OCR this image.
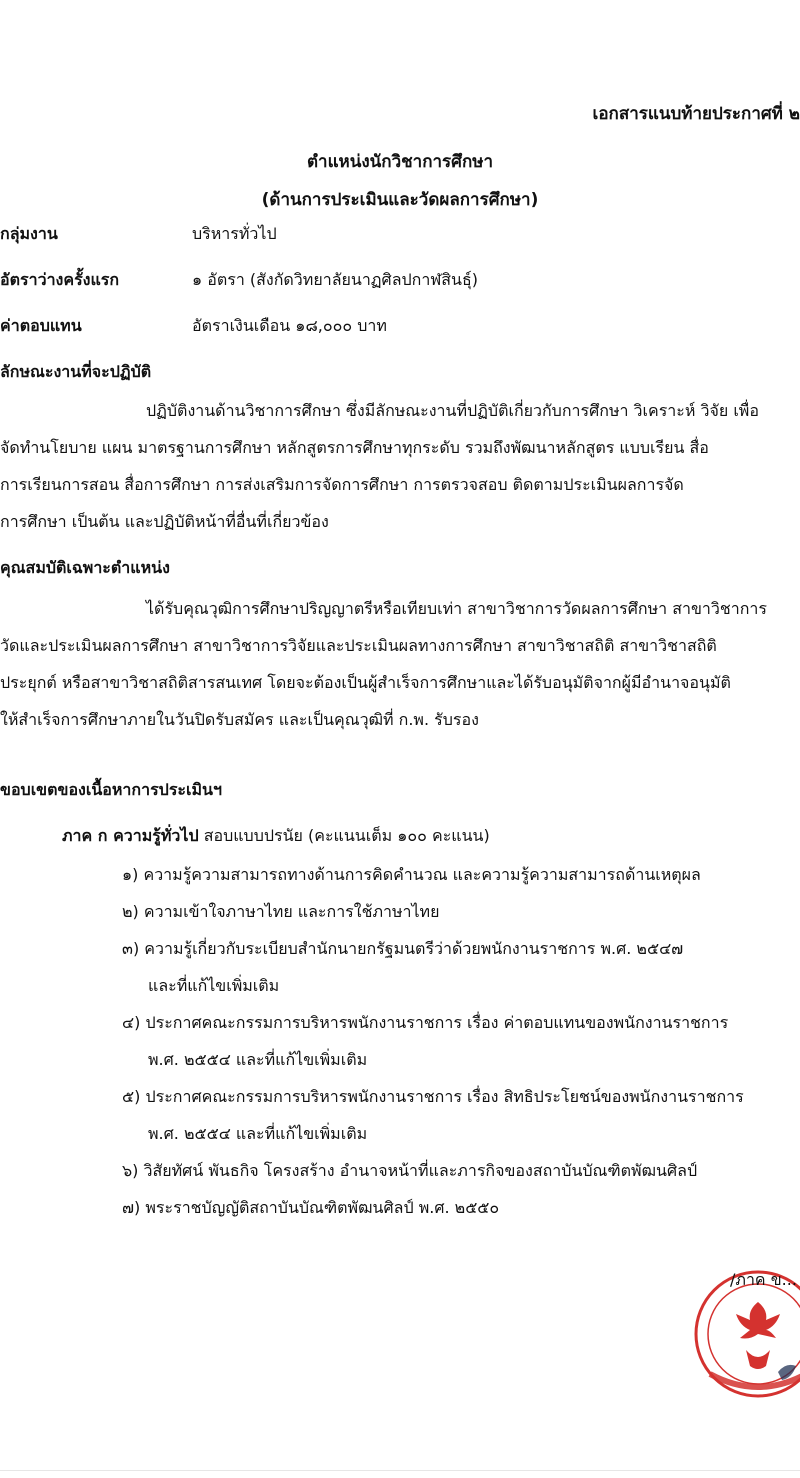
เอกสารแนบท้ายประกาศที่ ๒
ตำแหน่งนักวิชาการศึกษา
(ด้านการประเมินและวัดผลการศึกษา)
กลุ่มงาน	บริหารทั่วไป
อัตราว่างครั้งแรก	๑ อัตรา (สังกัดวิทยาลัยนาฏศิลปกาฬสินธุ์)
ค่าตอบแทน	อัตราเงินเดือน ๑๘,๐๐๐ บาท
ลักษณะงานที่จะปฏิบัติ
ปฏิบัติงานด้านวิชาการศึกษา ซึ่งมีลักษณะงานที่ปฏิบัติเกี่ยวกับการศึกษา วิเคราะห์ วิจัย เพื่อ
จัดทำนโยบาย แผน มาตรฐานการศึกษา หลักสูตรการศึกษาทุกระดับ รวมถึงพัฒนาหลักสูตร แบบเรียน สื่อ
การเรียนการสอน สื่อการศึกษา การส่งเสริมการจัดการศึกษา การตรวจสอบ ติดตามประเมินผลการจัด
การศึกษา เป็นต้น และปฏิบัติหน้าที่อื่นที่เกี่ยวข้อง
คุณสมบัติเฉพาะตำแหน่ง
ได้รับคุณวุฒิการศึกษาปริญญาตรีหรือเทียบเท่า สาขาวิชาการวัดผลการศึกษา สาขาวิชาการ
วัดและประเมินผลการศึกษา สาขาวิชาการวิจัยและประเมินผลทางการศึกษา สาขาวิชาสถิติ สาขาวิชาสถิติ
ประยุกต์ หรือสาขาวิชาสถิติสารสนเทศ โดยจะต้องเป็นผู้สำเร็จการศึกษาและได้รับอนุมัติจากผู้มีอำนาจอนุมัติ
ให้สำเร็จการศึกษาภายในวันปิดรับสมัคร และเป็นคุณวุฒิที่ ก.พ. รับรอง
ขอบเขตของเนื้อหาการประเมินฯ
ภาค ก ความรู้ทั่วไป สอบแบบปรนัย (คะแนนเต็ม ๑๐๐ คะแนน)
๑) ความรู้ความสามารถทางด้านการคิดคำนวณ และความรู้ความสามารถด้านเหตุผล
๒) ความเข้าใจภาษาไทย และการใช้ภาษาไทย
๓) ความรู้เกี่ยวกับระเบียบสำนักนายกรัฐมนตรีว่าด้วยพนักงานราชการ พ.ศ. ๒๕๔๗
และที่แก้ไขเพิ่มเติม
๔) ประกาศคณะกรรมการบริหารพนักงานราชการ เรื่อง ค่าตอบแทนของพนักงานราชการ
พ.ศ. ๒๕๕๔ และที่แก้ไขเพิ่มเติม
๕) ประกาศคณะกรรมการบริหารพนักงานราชการ เรื่อง สิทธิประโยชน์ของพนักงานราชการ
พ.ศ. ๒๕๕๔ และที่แก้ไขเพิ่มเติม
๖) วิสัยทัศน์ พันธกิจ โครงสร้าง อำนาจหน้าที่และภารกิจของสถาบันบัณฑิตพัฒนศิลป์
๗) พระราชบัญญัติสถาบันบัณฑิตพัฒนศิลป์ พ.ศ. ๒๕๕๐
/ภาค ข...
